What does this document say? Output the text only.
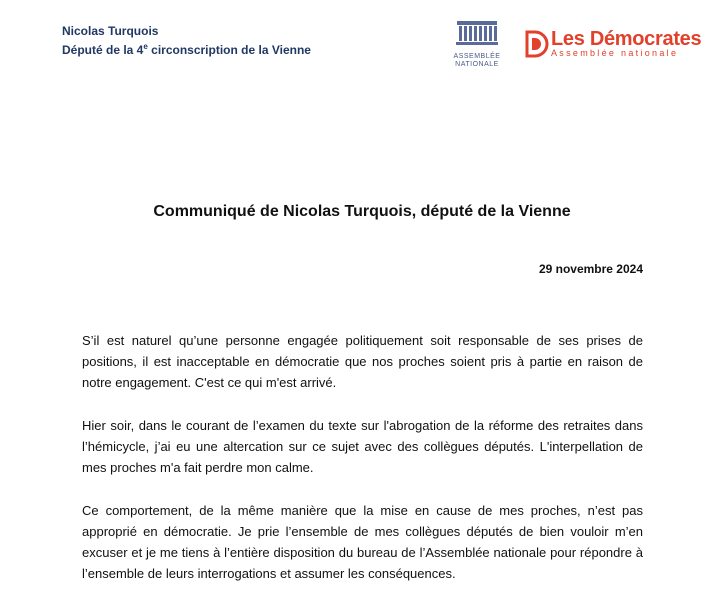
Nicolas Turquois
Député de la 4e circonscription de la Vienne	ASSEMBLÉE
NATIONALE
Les Démocrates
Assemblée nationale
Communiqué de Nicolas Turquois, député de la Vienne
29 novembre 2024

S’il est naturel qu’une personne engagée politiquement soit responsable de ses prises de positions, il est inacceptable en démocratie que nos proches soient pris à partie en raison de notre engagement. C'est ce qui m'est arrivé.

Hier soir, dans le courant de l’examen du texte sur l'abrogation de la réforme des retraites dans l’hémicycle, j’ai eu une altercation sur ce sujet avec des collègues députés. L'interpellation de mes proches m'a fait perdre mon calme.

Ce comportement, de la même manière que la mise en cause de mes proches, n’est pas approprié en démocratie. Je prie l’ensemble de mes collègues députés de bien vouloir m’en excuser et je me tiens à l’entière disposition du bureau de l’Assemblée nationale pour répondre à l’ensemble de leurs interrogations et assumer les conséquences.
